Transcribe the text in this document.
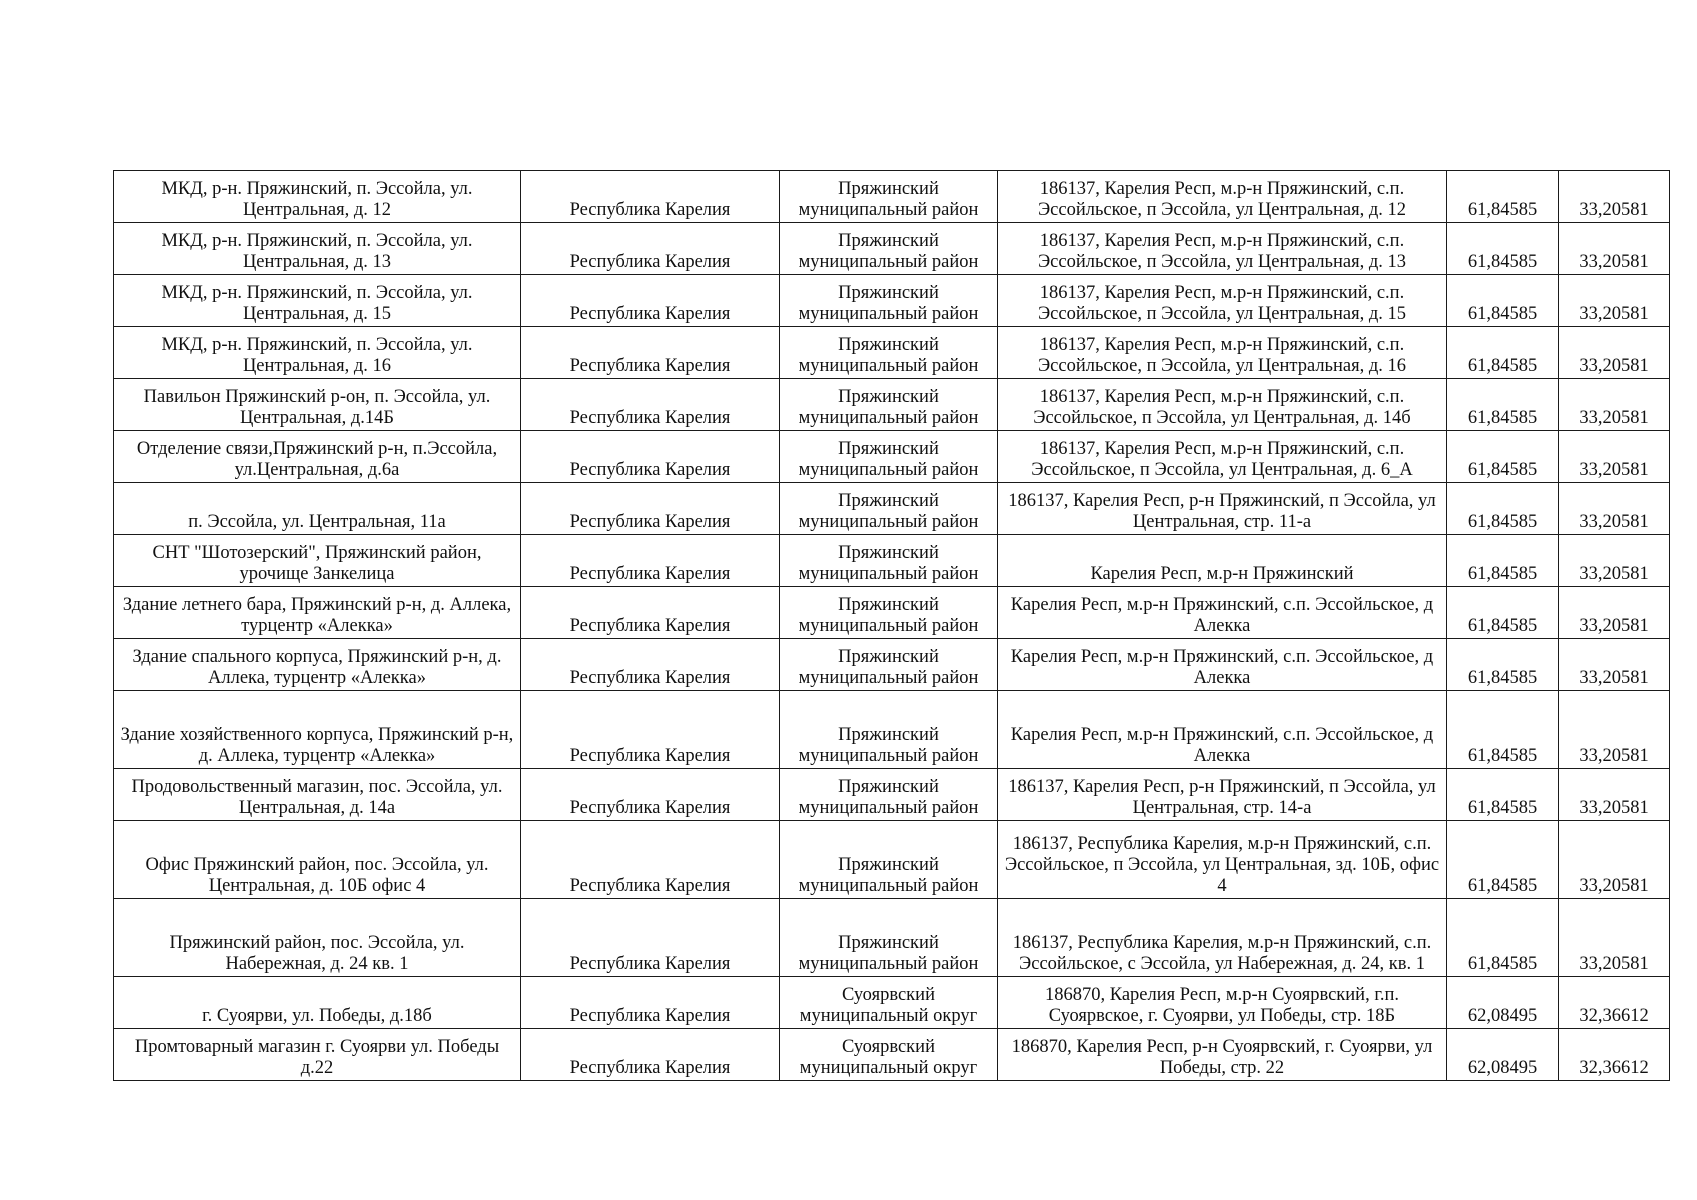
МКД, р-н. Пряжинский, п. Эссойла, ул. Центральная, д. 12	Республика Карелия	Пряжинский муниципальный район	186137, Карелия Респ, м.р-н Пряжинский, с.п. Эссойльское, п Эссойла, ул Центральная, д. 12	61,84585	33,20581
МКД, р-н. Пряжинский, п. Эссойла, ул. Центральная, д. 13	Республика Карелия	Пряжинский муниципальный район	186137, Карелия Респ, м.р-н Пряжинский, с.п. Эссойльское, п Эссойла, ул Центральная, д. 13	61,84585	33,20581
МКД, р-н. Пряжинский, п. Эссойла, ул. Центральная, д. 15	Республика Карелия	Пряжинский муниципальный район	186137, Карелия Респ, м.р-н Пряжинский, с.п. Эссойльское, п Эссойла, ул Центральная, д. 15	61,84585	33,20581
МКД, р-н. Пряжинский, п. Эссойла, ул. Центральная, д. 16	Республика Карелия	Пряжинский муниципальный район	186137, Карелия Респ, м.р-н Пряжинский, с.п. Эссойльское, п Эссойла, ул Центральная, д. 16	61,84585	33,20581
Павильон Пряжинский р-он, п. Эссойла, ул. Центральная, д.14Б	Республика Карелия	Пряжинский муниципальный район	186137, Карелия Респ, м.р-н Пряжинский, с.п. Эссойльское, п Эссойла, ул Центральная, д. 14б	61,84585	33,20581
Отделение связи,Пряжинский р-н, п.Эссойла, ул.Центральная, д.6а	Республика Карелия	Пряжинский муниципальный район	186137, Карелия Респ, м.р-н Пряжинский, с.п. Эссойльское, п Эссойла, ул Центральная, д. 6_А	61,84585	33,20581
п. Эссойла, ул. Центральная, 11а	Республика Карелия	Пряжинский муниципальный район	186137, Карелия Респ, р-н Пряжинский, п Эссойла, ул Центральная, стр. 11-а	61,84585	33,20581
СНТ "Шотозерский", Пряжинский район, урочище Занкелица	Республика Карелия	Пряжинский муниципальный район	Карелия Респ, м.р-н Пряжинский	61,84585	33,20581
Здание летнего бара, Пряжинский р-н, д. Аллека, турцентр «Алекка»	Республика Карелия	Пряжинский муниципальный район	Карелия Респ, м.р-н Пряжинский, с.п. Эссойльское, д Алекка	61,84585	33,20581
Здание спального корпуса, Пряжинский р-н, д. Аллека, турцентр «Алекка»	Республика Карелия	Пряжинский муниципальный район	Карелия Респ, м.р-н Пряжинский, с.п. Эссойльское, д Алекка	61,84585	33,20581
Здание хозяйственного корпуса, Пряжинский р-н, д. Аллека, турцентр «Алекка»	Республика Карелия	Пряжинский муниципальный район	Карелия Респ, м.р-н Пряжинский, с.п. Эссойльское, д Алекка	61,84585	33,20581
Продовольственный магазин, пос. Эссойла, ул. Центральная, д. 14а	Республика Карелия	Пряжинский муниципальный район	186137, Карелия Респ, р-н Пряжинский, п Эссойла, ул Центральная, стр. 14-а	61,84585	33,20581
Офис Пряжинский район, пос. Эссойла, ул. Центральная, д. 10Б офис 4	Республика Карелия	Пряжинский муниципальный район	186137, Республика Карелия, м.р-н Пряжинский, с.п. Эссойльское, п Эссойла, ул Центральная, зд. 10Б, офис 4	61,84585	33,20581
Пряжинский район, пос. Эссойла, ул. Набережная, д. 24 кв. 1	Республика Карелия	Пряжинский муниципальный район	186137, Республика Карелия, м.р-н Пряжинский, с.п. Эссойльское, с Эссойла, ул Набережная, д. 24, кв. 1	61,84585	33,20581
г. Суоярви, ул. Победы, д.18б	Республика Карелия	Суоярвский муниципальный округ	186870, Карелия Респ, м.р-н Суоярвский, г.п. Суоярвское, г. Суоярви, ул Победы, стр. 18Б	62,08495	32,36612
Промтоварный магазин г. Суоярви ул. Победы д.22	Республика Карелия	Суоярвский муниципальный округ	186870, Карелия Респ, р-н Суоярвский, г. Суоярви, ул Победы, стр. 22	62,08495	32,36612
